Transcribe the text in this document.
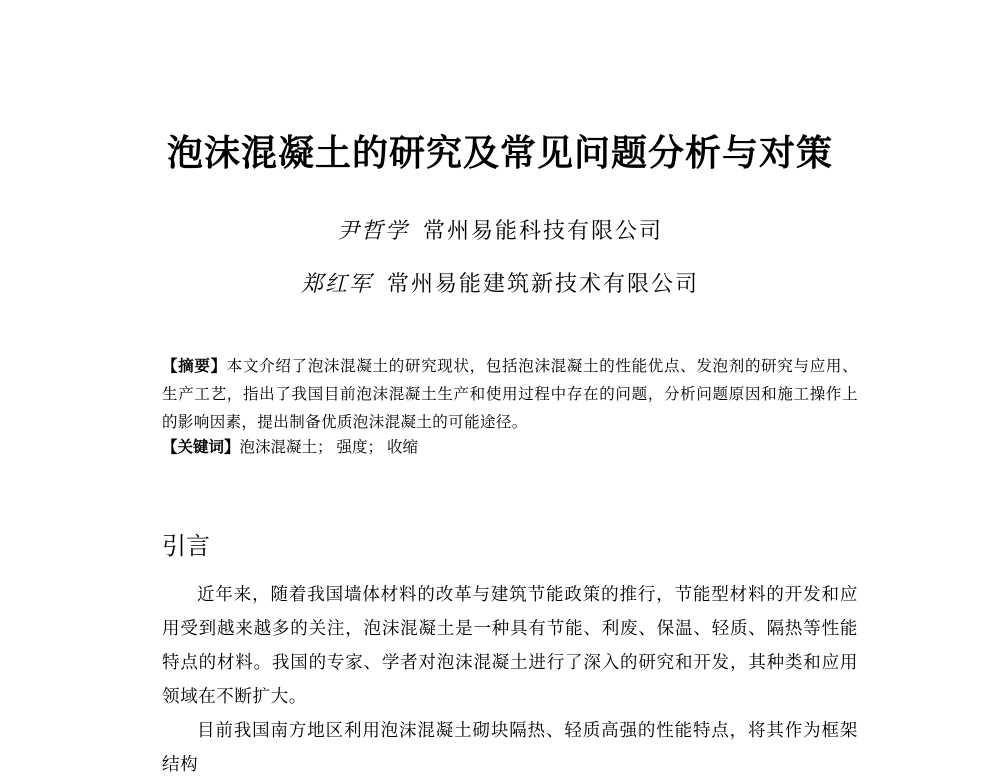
泡沫混凝土的研究及常见问题分析与对策
尹哲学 常州易能科技有限公司
郑红军 常州易能建筑新技术有限公司
【摘要】本文介绍了泡沫混凝土的研究现状，包括泡沫混凝土的性能优点、发泡剂的研究与应用、生产工艺，指出了我国目前泡沫混凝土生产和使用过程中存在的问题，分析问题原因和施工操作上的影响因素，提出制备优质泡沫混凝土的可能途径。
【关键词】泡沫混凝土； 强度； 收缩
引言

近年来，随着我国墙体材料的改革与建筑节能政策的推行，节能型材料的开发和应用受到越来越多的关注，泡沫混凝土是一种具有节能、利废、保温、轻质、隔热等性能特点的材料。我国的专家、学者对泡沫混凝土进行了深入的研究和开发，其种类和应用领域在不断扩大。

目前我国南方地区利用泡沫混凝土砌块隔热、轻质高强的性能特点，将其作为框架结构
